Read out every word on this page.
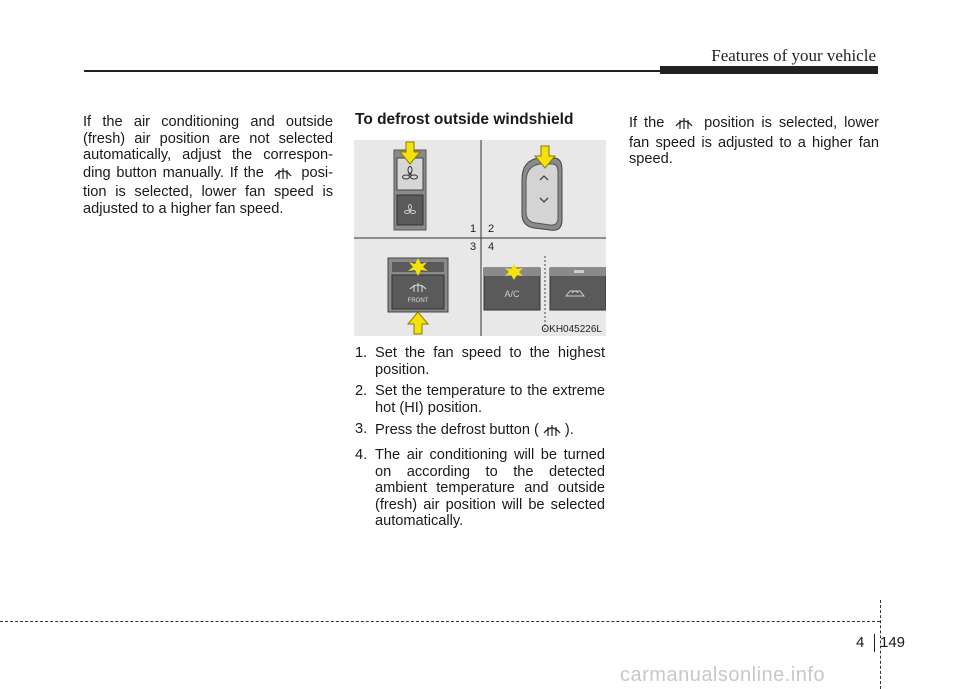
Features of your vehicle
If the air conditioning and outside (fresh) air position are not selected automatically, adjust the correspon-ding button manually. If the	posi-tion is selected, lower fan speed is adjusted to a higher fan speed.
To defrost outside windshield
1 2
3 4
FRONT
A/C
OKH045226L
1. Set the fan speed to the highest position.
2. Set the temperature to the extreme hot (HI) position.
3. Press the defrost button ( ).
4. The air conditioning will be turned on according to the detected ambient temperature and outside (fresh) air position will be selected automatically.
If the	position is selected, lower fan speed is adjusted to a higher fan speed.
4 149
carmanualsonline.info
